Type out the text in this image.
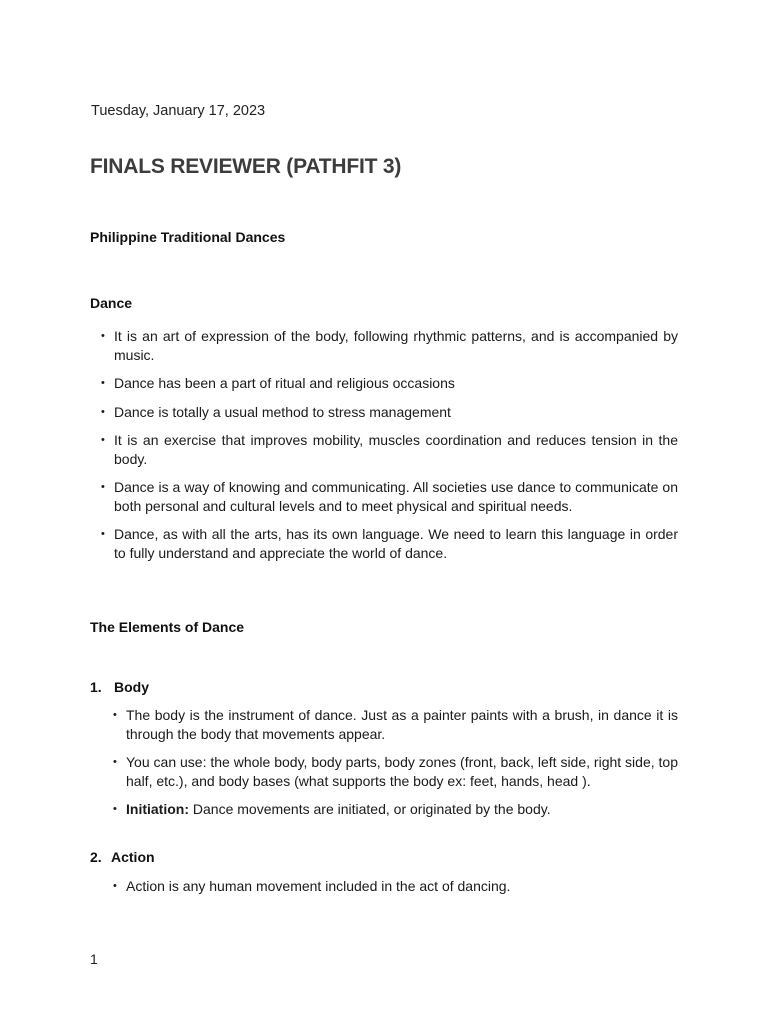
Tuesday, January 17, 2023
FINALS REVIEWER (PATHFIT 3)
Philippine Traditional Dances
Dance
• It is an art of expression of the body, following rhythmic patterns, and is accompanied by music.
• Dance has been a part of ritual and religious occasions
• Dance is totally a usual method to stress management
• It is an exercise that improves mobility, muscles coordination and reduces tension in the body.
• Dance is a way of knowing and communicating. All societies use dance to communicate on both personal and cultural levels and to meet physical and spiritual needs.
• Dance, as with all the arts, has its own language. We need to learn this language in order to fully understand and appreciate the world of dance.
The Elements of Dance
1. Body
• The body is the instrument of dance. Just as a painter paints with a brush, in dance it is through the body that movements appear.
• You can use: the whole body, body parts, body zones (front, back, left side, right side, top half, etc.), and body bases (what supports the body ex: feet, hands, head ).
• Initiation: Dance movements are initiated, or originated by the body.
2. Action
• Action is any human movement included in the act of dancing.
1
